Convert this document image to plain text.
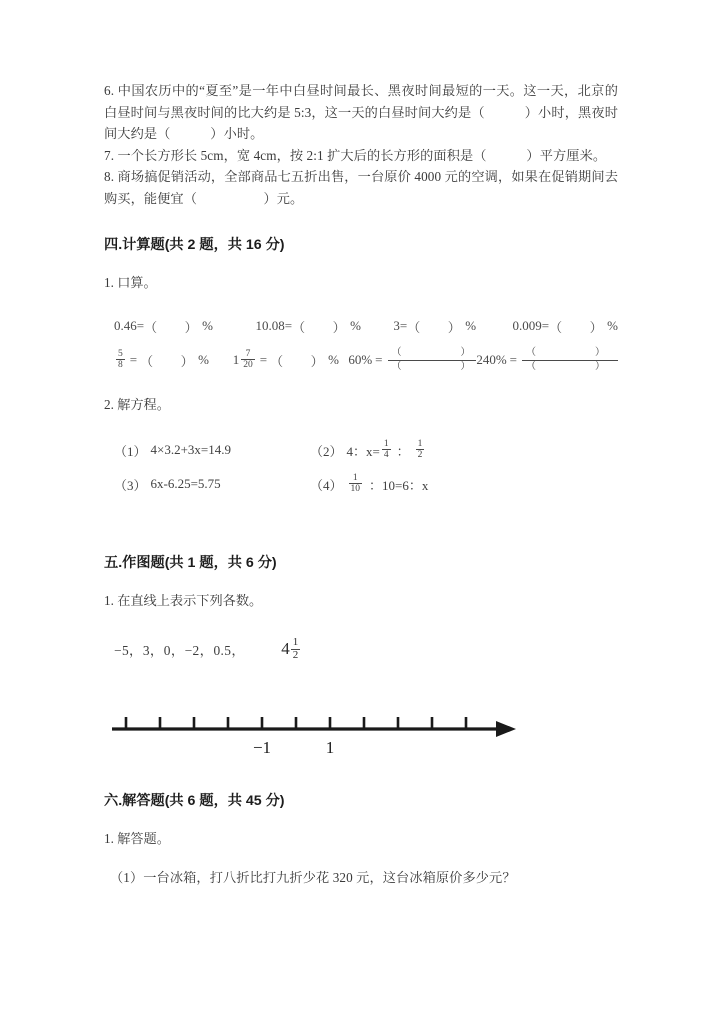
6. 中国农历中的“夏至”是一年中白昼时间最长、黑夜时间最短的一天。这一天，北京的白昼时间与黑夜时间的比大约是 5:3，这一天的白昼时间大约是（　　　）小时，黑夜时间大约是（　　　）小时。

7. 一个长方形长 5cm，宽 4cm，按 2:1 扩大后的长方形的面积是（　　　）平方厘米。

8. 商场搞促销活动，全部商品七五折出售，一台原价 4000 元的空调，如果在促销期间去购买，能便宜（　　　　　）元。

四.计算题(共 2 题，共 16 分)

1. 口算。

0.46= （　　） %	10.08= （　　） % 3= （　　） %	0.009= （　　） %
$\frac{5}{8}$ = （　　） % $1 \frac{7}{20}$ = （　　） % $60\% = \frac{( )}{( )} 240\% = \frac{( )}{( )}$

2. 解方程。

（1） 4×3.2+3x=14.9	（2） 4：$x= \frac{1}{4}$ ： $\frac{1}{2}$
（3） 6x-6.25=5.75	$(4) \frac{1}{10}$ ：10=6：x

五.作图题(共 1 题，共 6 分)

1. 在直线上表示下列各数。

−5，3，0，−2，0.5， $4 \frac{1}{2}$
−1	1

六.解答题(共 6 题，共 45 分)

1. 解答题。

（1）一台冰箱，打八折比打九折少花 320 元，这台冰箱原价多少元？
